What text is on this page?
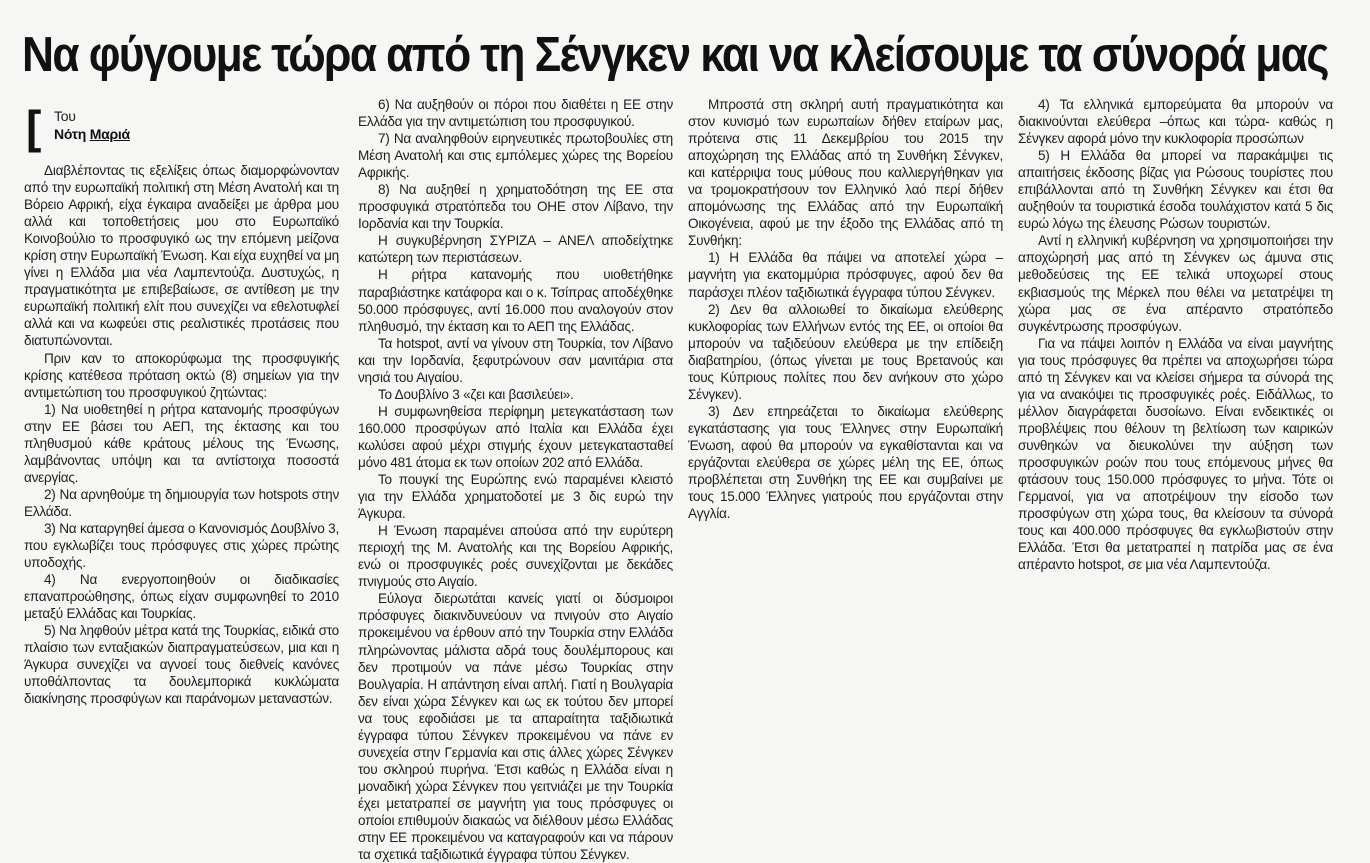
Να φύγουμε τώρα από τη Σένγκεν και να κλείσουμε τα σύνορά μας
[ Του
Νότη Μαριά

Διαβλέποντας τις εξελίξεις όπως διαμορφώνονταν από την ευρωπαϊκή πολιτική στη Μέση Ανατολή και τη Βόρειο Αφρική, είχα έγκαιρα αναδείξει με άρθρα μου αλλά και τοποθετήσεις μου στο Ευρωπαϊκό Κοινοβούλιο το προσφυγικό ως την επόμενη μείζονα κρίση στην Ευρωπαϊκή Ένωση. Και είχα ευχηθεί να μη γίνει η Ελλάδα μια νέα Λαμπεντούζα. Δυστυχώς, η πραγματικότητα με επιβεβαίωσε, σε αντίθεση με την ευρωπαϊκή πολιτική ελίτ που συνεχίζει να εθελοτυφλεί αλλά και να κωφεύει στις ρεαλιστικές προτάσεις που διατυπώνονται.

Πριν καν το αποκορύφωμα της προσφυγικής κρίσης κατέθεσα πρόταση οκτώ (8) σημείων για την αντιμετώπιση του προσφυγικού ζητώντας:

1) Να υιοθετηθεί η ρήτρα κατανομής προσφύγων στην ΕΕ βάσει του ΑΕΠ, της έκτασης και του πληθυσμού κάθε κράτους μέλους της Ένωσης, λαμβάνοντας υπόψη και τα αντίστοιχα ποσοστά ανεργίας.

2) Να αρνηθούμε τη δημιουργία των hotspots στην Ελλάδα.

3) Να καταργηθεί άμεσα ο Κανονισμός Δουβλίνο 3, που εγκλωβίζει τους πρόσφυγες στις χώρες πρώτης υποδοχής.

4) Να ενεργοποιηθούν οι διαδικασίες επαναπροώθησης, όπως είχαν συμφωνηθεί το 2010 μεταξύ Ελλάδας και Τουρκίας.

5) Να ληφθούν μέτρα κατά της Τουρκίας, ειδικά στο πλαίσιο των ενταξιακών διαπραγματεύσεων, μια και η Άγκυρα συνεχίζει να αγνοεί τους διεθνείς κανόνες υποθάλποντας τα δουλεμπορικά κυκλώματα διακίνησης προσφύγων και παράνομων μεταναστών.

6) Να αυξηθούν οι πόροι που διαθέτει η ΕΕ στην Ελλάδα για την αντιμετώπιση του προσφυγικού.

7) Να αναληφθούν ειρηνευτικές πρωτοβουλίες στη Μέση Ανατολή και στις εμπόλεμες χώρες της Βορείου Αφρικής.

8) Να αυξηθεί η χρηματοδότηση της ΕΕ στα προσφυγικά στρατόπεδα του ΟΗΕ στον Λίβανο, την Ιορδανία και την Τουρκία.

Η συγκυβέρνηση ΣΥΡΙΖΑ – ΑΝΕΛ αποδείχτηκε κατώτερη των περιστάσεων.

Η ρήτρα κατανομής που υιοθετήθηκε παραβιάστηκε κατάφορα και ο κ. Τσίπρας αποδέχθηκε 50.000 πρόσφυγες, αντί 16.000 που αναλογούν στον πληθυσμό, την έκταση και το ΑΕΠ της Ελλάδας.

Τα hotspot, αντί να γίνουν στη Τουρκία, τον Λίβανο και την Ιορδανία, ξεφυτρώνουν σαν μανιτάρια στα νησιά του Αιγαίου.

Το Δουβλίνο 3 «ζει και βασιλεύει».

Η συμφωνηθείσα περίφημη μετεγκατάσταση των 160.000 προσφύγων από Ιταλία και Ελλάδα έχει κωλύσει αφού μέχρι στιγμής έχουν μετεγκατασταθεί μόνο 481 άτομα εκ των οποίων 202 από Ελλάδα.

Το πουγκί της Ευρώπης ενώ παραμένει κλειστό για την Ελλάδα χρηματοδοτεί με 3 δις ευρώ την Άγκυρα.

Η Ένωση παραμένει απούσα από την ευρύτερη περιοχή της Μ. Ανατολής και της Βορείου Αφρικής, ενώ οι προσφυγικές ροές συνεχίζονται με δεκάδες πνιγμούς στο Αιγαίο.

Εύλογα διερωτάται κανείς γιατί οι δύσμοιροι πρόσφυγες διακινδυνεύουν να πνιγούν στο Αιγαίο προκειμένου να έρθουν από την Τουρκία στην Ελλάδα πληρώνοντας μάλιστα αδρά τους δουλέμπορους και δεν προτιμούν να πάνε μέσω Τουρκίας στην Βουλγαρία. Η απάντηση είναι απλή. Γιατί η Βουλγαρία δεν είναι χώρα Σένγκεν και ως εκ τούτου δεν μπορεί να τους εφοδιάσει με τα απαραίτητα ταξιδιωτικά έγγραφα τύπου Σένγκεν προκειμένου να πάνε εν συνεχεία στην Γερμανία και στις άλλες χώρες Σένγκεν του σκληρού πυρήνα. Έτσι καθώς η Ελλάδα είναι η μοναδική χώρα Σένγκεν που γειτνιάζει με την Τουρκία έχει μετατραπεί σε μαγνήτη για τους πρόσφυγες οι οποίοι επιθυμούν διακαώς να διέλθουν μέσω Ελλάδας στην ΕΕ προκειμένου να καταγραφούν και να πάρουν τα σχετικά ταξιδιωτικά έγγραφα τύπου Σένγκεν.

Μπροστά στη σκληρή αυτή πραγματικότητα και στον κυνισμό των ευρωπαίων δήθεν εταίρων μας, πρότεινα στις 11 Δεκεμβρίου του 2015 την αποχώρηση της Ελλάδας από τη Συνθήκη Σένγκεν, και κατέρριψα τους μύθους που καλλιεργήθηκαν για να τρομοκρατήσουν τον Ελληνικό λαό περί δήθεν απομόνωσης της Ελλάδας από την Ευρωπαϊκή Οικογένεια, αφού με την έξοδο της Ελλάδας από τη Συνθήκη:

1) Η Ελλάδα θα πάψει να αποτελεί χώρα – μαγνήτη για εκατομμύρια πρόσφυγες, αφού δεν θα παράσχει πλέον ταξιδιωτικά έγγραφα τύπου Σένγκεν.

2) Δεν θα αλλοιωθεί το δικαίωμα ελεύθερης κυκλοφορίας των Ελλήνων εντός της ΕΕ, οι οποίοι θα μπορούν να ταξιδεύουν ελεύθερα με την επίδειξη διαβατηρίου, (όπως γίνεται με τους Βρετανούς και τους Κύπριους πολίτες που δεν ανήκουν στο χώρο Σένγκεν).

3) Δεν επηρεάζεται το δικαίωμα ελεύθερης εγκατάστασης για τους Έλληνες στην Ευρωπαϊκή Ένωση, αφού θα μπορούν να εγκαθίστανται και να εργάζονται ελεύθερα σε χώρες μέλη της ΕΕ, όπως προβλέπεται στη Συνθήκη της ΕΕ και συμβαίνει με τους 15.000 Έλληνες γιατρούς που εργάζονται στην Αγγλία.

4) Τα ελληνικά εμπορεύματα θα μπορούν να διακινούνται ελεύθερα –όπως και τώρα- καθώς η Σένγκεν αφορά μόνο την κυκλοφορία προσώπων

5) Η Ελλάδα θα μπορεί να παρακάμψει τις απαιτήσεις έκδοσης βίζας για Ρώσους τουρίστες που επιβάλλονται από τη Συνθήκη Σένγκεν και έτσι θα αυξηθούν τα τουριστικά έσοδα τουλάχιστον κατά 5 δις ευρώ λόγω της έλευσης Ρώσων τουριστών.

Αντί η ελληνική κυβέρνηση να χρησιμοποιήσει την αποχώρησή μας από τη Σένγκεν ως άμυνα στις μεθοδεύσεις της ΕΕ τελικά υποχωρεί στους εκβιασμούς της Μέρκελ που θέλει να μετατρέψει τη χώρα μας σε ένα απέραντο στρατόπεδο συγκέντρωσης προσφύγων.

Για να πάψει λοιπόν η Ελλάδα να είναι μαγνήτης για τους πρόσφυγες θα πρέπει να αποχωρήσει τώρα από τη Σένγκεν και να κλείσει σήμερα τα σύνορά της για να ανακόψει τις προσφυγικές ροές. Ειδάλλως, το μέλλον διαγράφεται δυσοίωνο. Είναι ενδεικτικές οι προβλέψεις που θέλουν τη βελτίωση των καιρικών συνθηκών να διευκολύνει την αύξηση των προσφυγικών ροών που τους επόμενους μήνες θα φτάσουν τους 150.000 πρόσφυγες το μήνα. Τότε οι Γερμανοί, για να αποτρέψουν την είσοδο των προσφύγων στη χώρα τους, θα κλείσουν τα σύνορά τους και 400.000 πρόσφυγες θα εγκλωβιστούν στην Ελλάδα. Έτσι θα μετατραπεί η πατρίδα μας σε ένα απέραντο hotspot, σε μια νέα Λαμπεντούζα.
